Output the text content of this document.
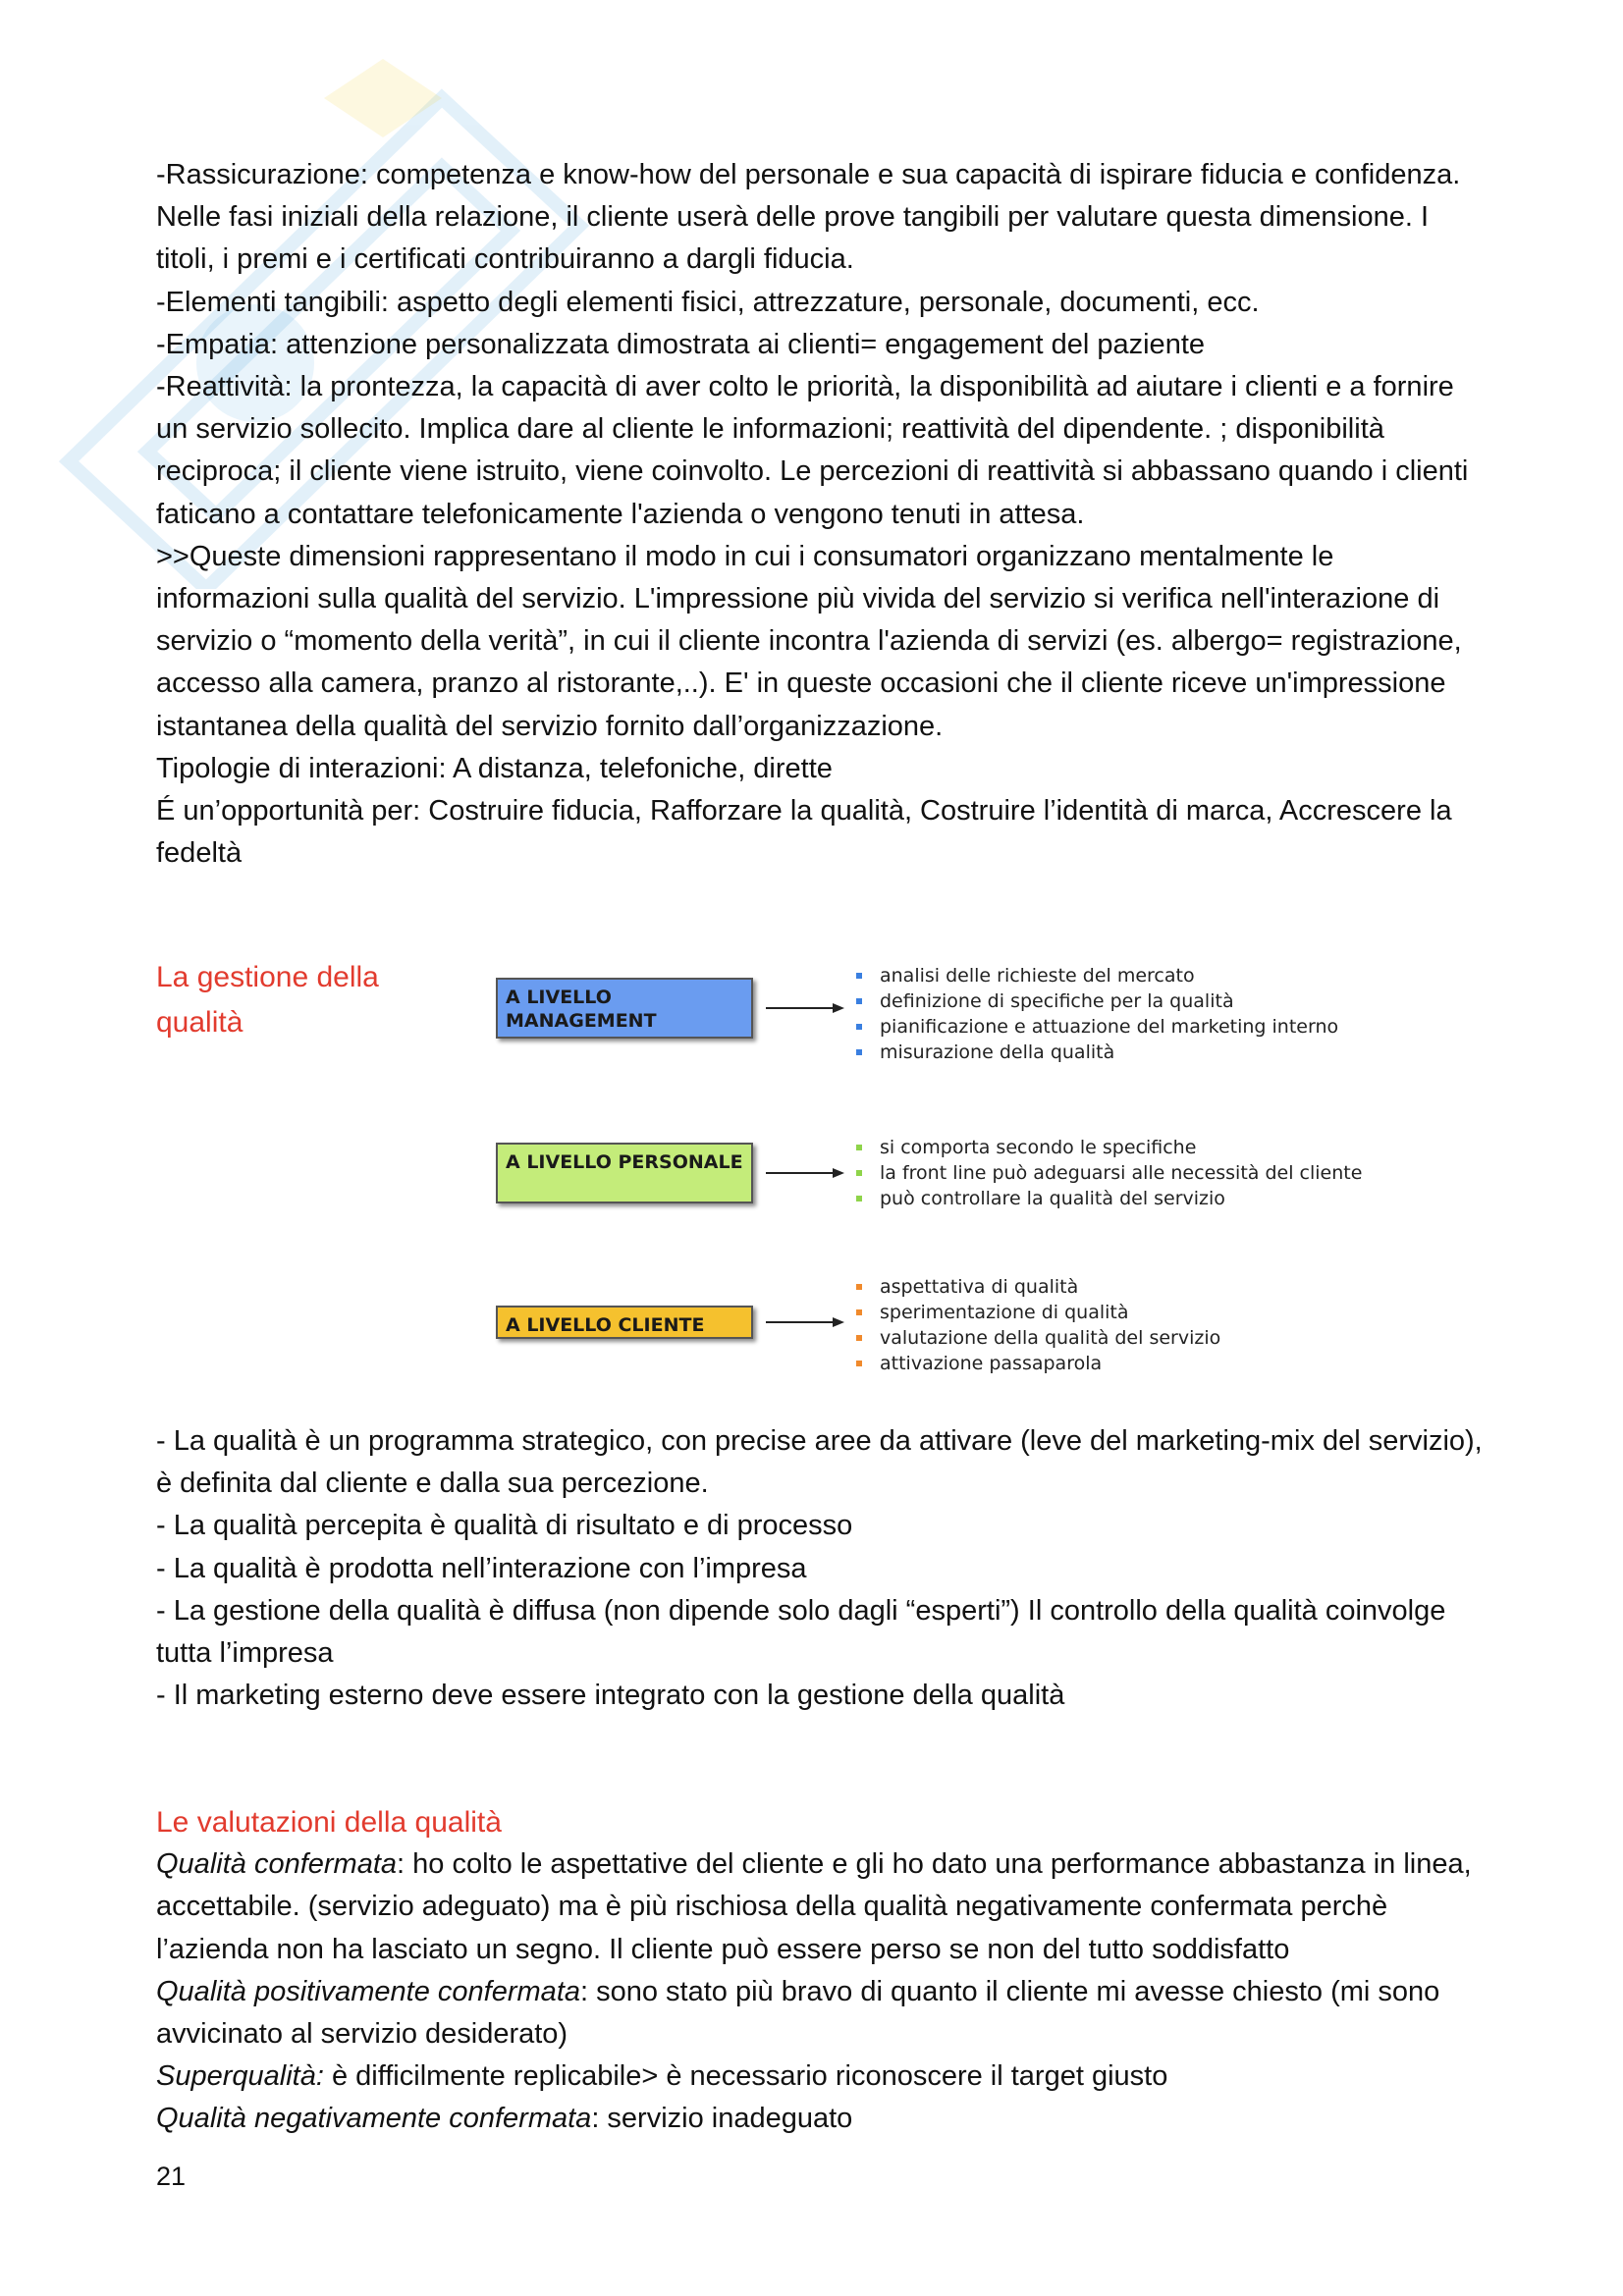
-Rassicurazione: competenza e know-how del personale e sua capacità di ispirare fiducia e confidenza. Nelle fasi iniziali della relazione, il cliente userà delle prove tangibili per valutare questa dimensione. I titoli, i premi e i certificati contribuiranno a dargli fiducia.

-Elementi tangibili: aspetto degli elementi fisici, attrezzature, personale, documenti, ecc.

-Empatia: attenzione personalizzata dimostrata ai clienti= engagement del paziente

-Reattività: la prontezza, la capacità di aver colto le priorità, la disponibilità ad aiutare i clienti e a fornire un servizio sollecito. Implica dare al cliente le informazioni; reattività del dipendente. ; disponibilità reciproca; il cliente viene istruito, viene coinvolto. Le percezioni di reattività si abbassano quando i clienti faticano a contattare telefonicamente l'azienda o vengono tenuti in attesa.

>>Queste dimensioni rappresentano il modo in cui i consumatori organizzano mentalmente le informazioni sulla qualità del servizio. L'impressione più vivida del servizio si verifica nell'interazione di servizio o “momento della verità”, in cui il cliente incontra l'azienda di servizi (es. albergo= registrazione, accesso alla camera, pranzo al ristorante,..). E' in queste occasioni che il cliente riceve un'impressione istantanea della qualità del servizio fornito dall’organizzazione.

Tipologie di interazioni: A distanza, telefoniche, dirette

É un’opportunità per: Costruire fiducia, Rafforzare la qualità, Costruire l’identità di marca, Accrescere la fedeltà

La gestione della qualità
A LIVELLO MANAGEMENT
analisi delle richieste del mercato
definizione di specifiche per la qualità
pianificazione e attuazione del marketing interno
misurazione della qualità
A LIVELLO PERSONALE
si comporta secondo le specifiche
la front line può adeguarsi alle necessità del cliente
può controllare la qualità del servizio
A LIVELLO CLIENTE
aspettativa di qualità
sperimentazione di qualità
valutazione della qualità del servizio
attivazione passaparola

- La qualità è un programma strategico, con precise aree da attivare (leve del marketing-mix del servizio), è definita dal cliente e dalla sua percezione.

- La qualità percepita è qualità di risultato e di processo

- La qualità è prodotta nell’interazione con l’impresa

- La gestione della qualità è diffusa (non dipende solo dagli “esperti”) Il controllo della qualità coinvolge tutta l’impresa

- Il marketing esterno deve essere integrato con la gestione della qualità

Le valutazioni della qualità

Qualità confermata: ho colto le aspettative del cliente e gli ho dato una performance abbastanza in linea, accettabile. (servizio adeguato) ma è più rischiosa della qualità negativamente confermata perchè l’azienda non ha lasciato un segno. Il cliente può essere perso se non del tutto soddisfatto

Qualità positivamente confermata: sono stato più bravo di quanto il cliente mi avesse chiesto (mi sono avvicinato al servizio desiderato)

Superqualità: è difficilmente replicabile> è necessario riconoscere il target giusto

Qualità negativamente confermata: servizio inadeguato

21
